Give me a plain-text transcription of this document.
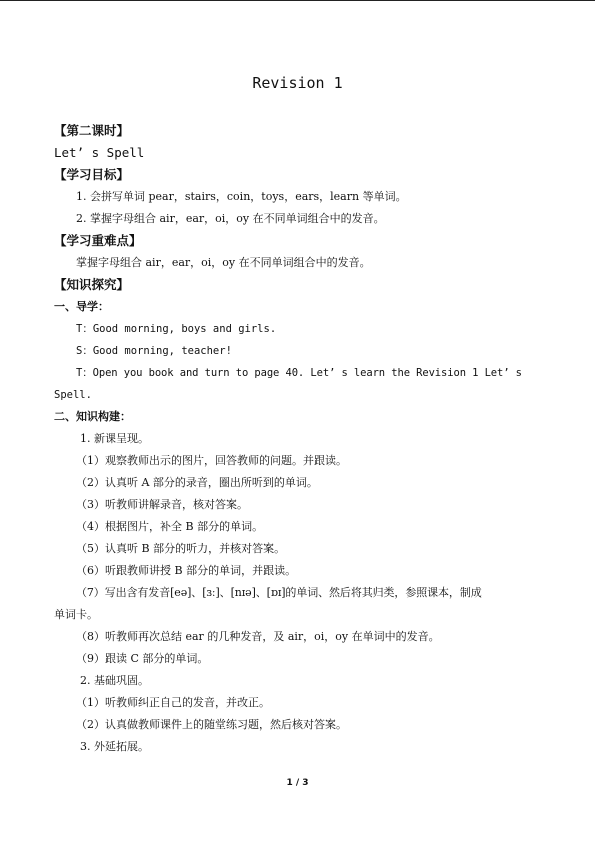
Revision 1
【第二课时】
Let’ s Spell
【学习目标】
1. 会拼写单词 pear，stairs，coin，toys，ears，learn 等单词。
2. 掌握字母组合 air，ear，oi，oy 在不同单词组合中的发音。
【学习重难点】
掌握字母组合 air，ear，oi，oy 在不同单词组合中的发音。
【知识探究】
一、导学：
T：Good morning, boys and girls.
S：Good morning, teacher!
T：Open you book and turn to page 40. Let’ s learn the Revision 1 Let’ s
Spell.
二、知识构建：
1. 新课呈现。
（1）观察教师出示的图片，回答教师的问题。并跟读。
（2）认真听 A 部分的录音，圈出所听到的单词。
（3）听教师讲解录音，核对答案。
（4）根据图片，补全 B 部分的单词。
（5）认真听 B 部分的听力，并核对答案。
（6）听跟教师讲授 B 部分的单词，并跟读。
（7）写出含有发音[eə]、[ɜː]、[nɪə]、[ɒɪ]的单词、然后将其归类，参照课本，制成
单词卡。
（8）听教师再次总结 ear 的几种发音，及 air，oi，oy 在单词中的发音。
（9）跟读 C 部分的单词。
2. 基础巩固。
（1）听教师纠正自己的发音，并改正。
（2）认真做教师课件上的随堂练习题，然后核对答案。
3. 外延拓展。
1 / 3
